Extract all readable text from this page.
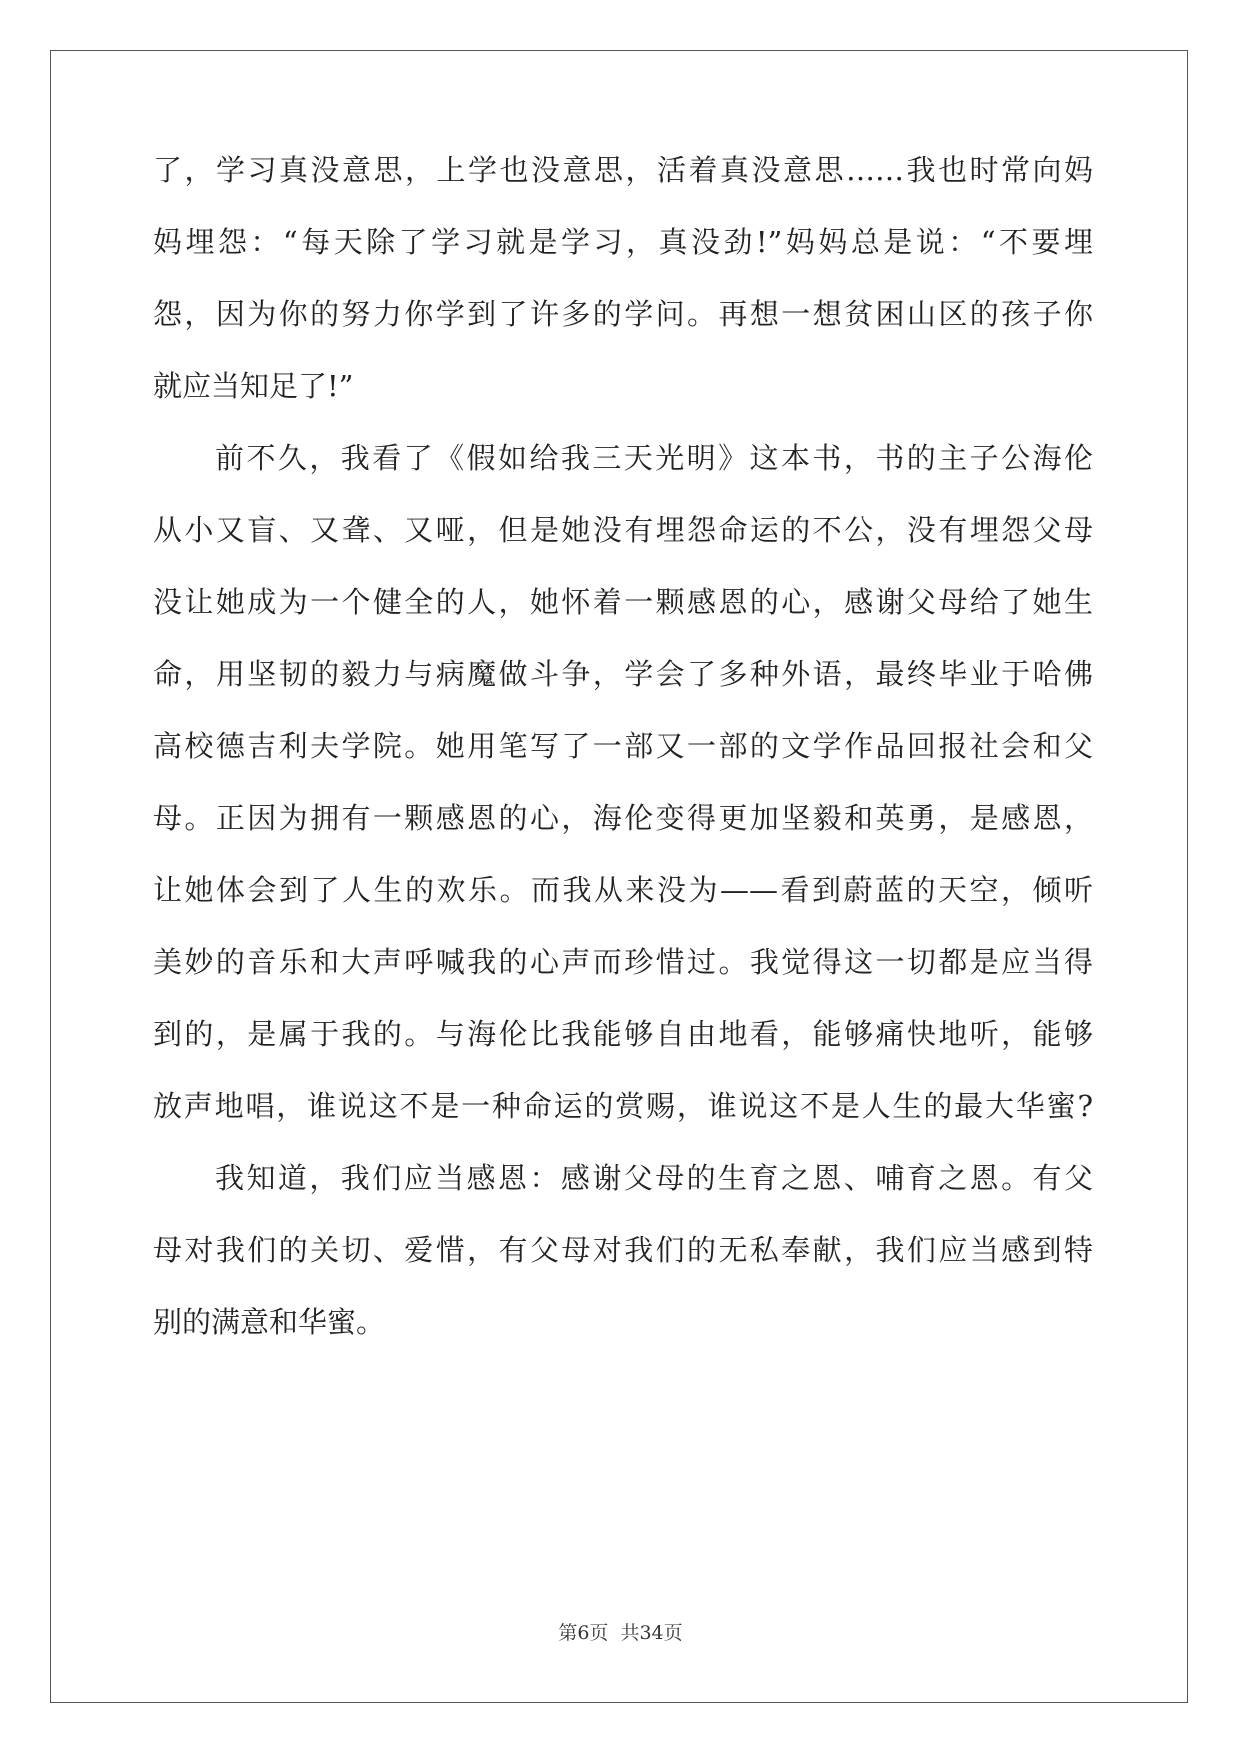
了，学习真没意思，上学也没意思，活着真没意思……我也时常向妈
妈埋怨：“每天除了学习就是学习，真没劲!”妈妈总是说：“不要埋
怨，因为你的努力你学到了许多的学问。再想一想贫困山区的孩子你
就应当知足了!”
前不久，我看了《假如给我三天光明》这本书，书的主子公海伦
从小又盲、又聋、又哑，但是她没有埋怨命运的不公，没有埋怨父母
没让她成为一个健全的人，她怀着一颗感恩的心，感谢父母给了她生
命，用坚韧的毅力与病魔做斗争，学会了多种外语，最终毕业于哈佛
高校德吉利夫学院。她用笔写了一部又一部的文学作品回报社会和父
母。正因为拥有一颗感恩的心，海伦变得更加坚毅和英勇，是感恩，
让她体会到了人生的欢乐。而我从来没为——看到蔚蓝的天空，倾听
美妙的音乐和大声呼喊我的心声而珍惜过。我觉得这一切都是应当得
到的，是属于我的。与海伦比我能够自由地看，能够痛快地听，能够
放声地唱，谁说这不是一种命运的赏赐，谁说这不是人生的最大华蜜?
我知道，我们应当感恩：感谢父母的生育之恩、哺育之恩。有父
母对我们的关切、爱惜，有父母对我们的无私奉献，我们应当感到特
别的满意和华蜜。
第6页 共34页
